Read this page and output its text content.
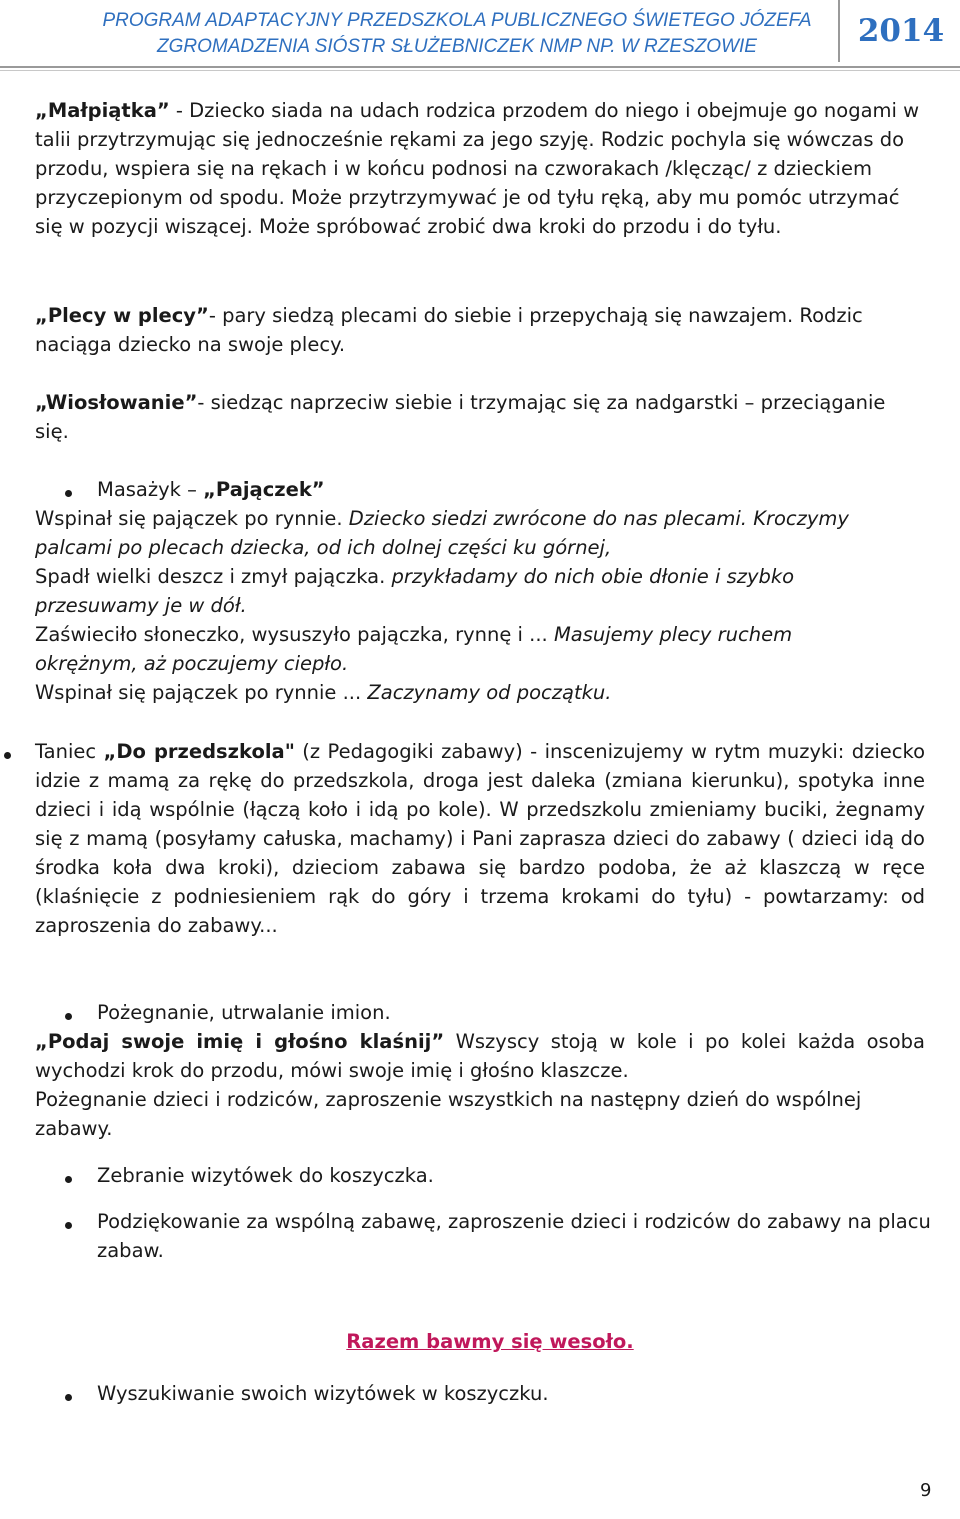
PROGRAM ADAPTACYJNY PRZEDSZKOLA PUBLICZNEGO ŚWIETEGO JÓZEFA
ZGROMADZENIA SIÓSTR SŁUŻEBNICZEK NMP NP. W RZESZOWIE	2014

„Małpiątka” - Dziecko siada na udach rodzica przodem do niego i obejmuje go nogami w talii przytrzymując się jednocześnie rękami za jego szyję. Rodzic pochyla się wówczas do przodu, wspiera się na rękach i w końcu podnosi na czworakach /klęcząc/ z dzieckiem przyczepionym od spodu. Może przytrzymywać je od tyłu ręką, aby mu pomóc utrzymać się w pozycji wiszącej. Może spróbować zrobić dwa kroki do przodu i do tyłu.

„Plecy w plecy”- pary siedzą plecami do siebie i przepychają się nawzajem. Rodzic naciąga dziecko na swoje plecy.

„Wiosłowanie”- siedząc naprzeciw siebie i trzymając się za nadgarstki – przeciąganie się.

Masażyk – „Pajączek”

Wspinał się pajączek po rynnie. Dziecko siedzi zwrócone do nas plecami. Kroczymy

palcami po plecach dziecka, od ich dolnej części ku górnej,

Spadł wielki deszcz i zmył pajączka. przykładamy do nich obie dłonie i szybko

przesuwamy je w dół.

Zaświeciło słoneczko, wysuszyło pajączka, rynnę i ... Masujemy plecy ruchem

okrężnym, aż poczujemy ciepło.

Wspinał się pajączek po rynnie ... Zaczynamy od początku.

Taniec „Do przedszkola" (z Pedagogiki zabawy) - inscenizujemy w rytm muzyki: dziecko idzie z mamą za rękę do przedszkola, droga jest daleka (zmiana kierunku), spotyka inne dzieci i idą wspólnie (łączą koło i idą po kole). W przedszkolu zmieniamy buciki, żegnamy się z mamą (posyłamy całuska, machamy) i Pani zaprasza dzieci do zabawy ( dzieci idą do środka koła dwa kroki), dzieciom zabawa się bardzo podoba, że aż klaszczą w ręce (klaśnięcie z podniesieniem rąk do góry i trzema krokami do tyłu) - powtarzamy: od zaproszenia do zabawy...

Pożegnanie, utrwalanie imion.

„Podaj swoje imię i głośno klaśnij” Wszyscy stoją w kole i po kolei każda osoba wychodzi krok do przodu, mówi swoje imię i głośno klaszcze.

Pożegnanie dzieci i rodziców, zaproszenie wszystkich na następny dzień do wspólnej zabawy.

Zebranie wizytówek do koszyczka.

Podziękowanie za wspólną zabawę, zaproszenie dzieci i rodziców do zabawy na placu zabaw.

Razem bawmy się wesoło.

Wyszukiwanie swoich wizytówek w koszyczku.

9
